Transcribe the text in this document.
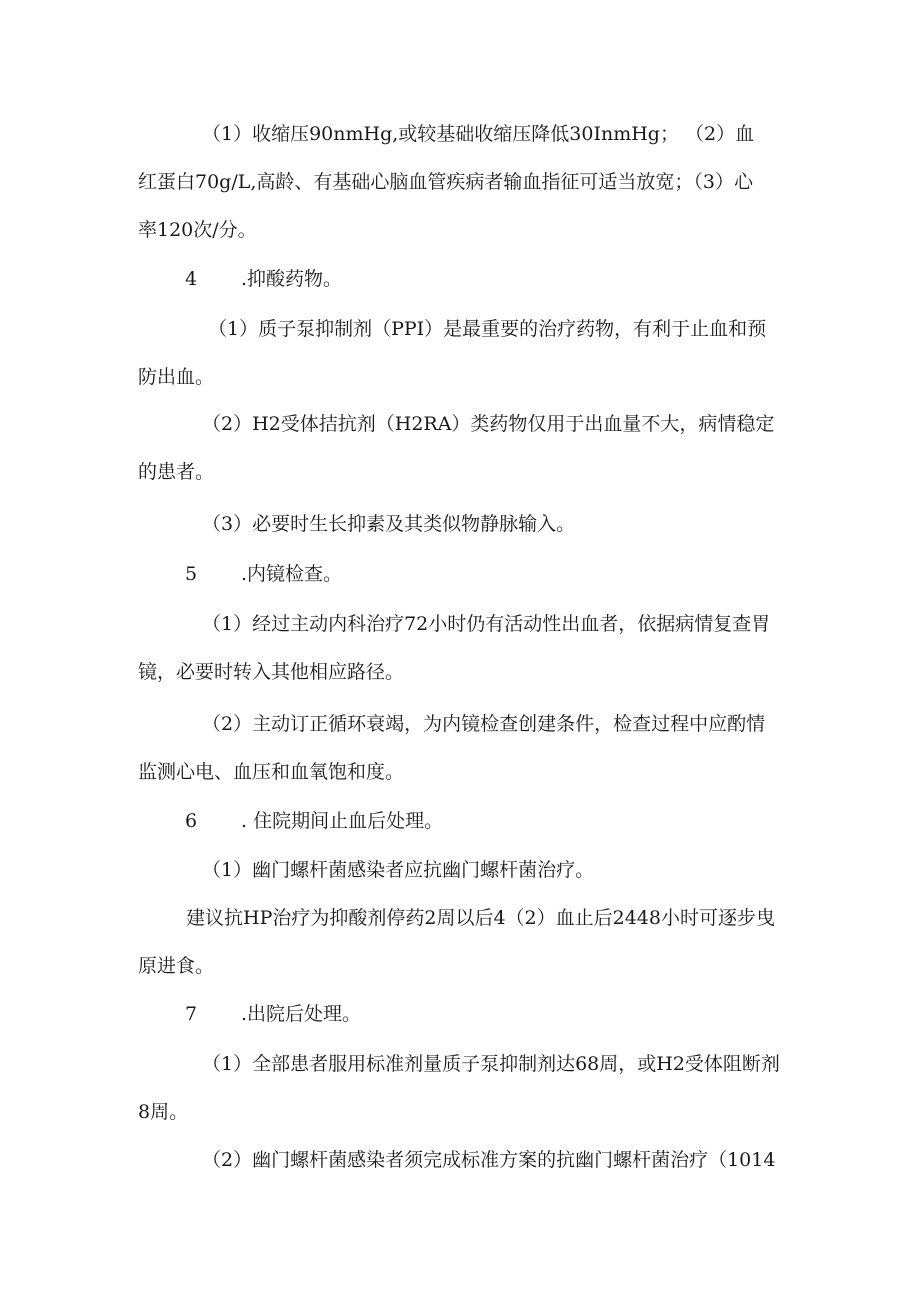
（1）收缩压90nmHg,或较基础收缩压降低30InmHg； （2）血
红蛋白70g/L,高龄、有基础心脑血管疾病者输血指征可适当放宽；（3）心
率120次/分。
4 .抑酸药物。
（1）质子泵抑制剂（PPI）是最重要的治疗药物，有利于止血和预
防出血。
（2）H2受体拮抗剂（H2RA）类药物仅用于出血量不大，病情稳定
的患者。
（3）必要时生长抑素及其类似物静脉输入。
5 .内镜检查。
（1）经过主动内科治疗72小时仍有活动性出血者，依据病情复查胃
镜，必要时转入其他相应路径。
（2）主动订正循环衰竭，为内镜检查创建条件，检查过程中应酌情
监测心电、血压和血氧饱和度。
6 . 住院期间止血后处理。
（1）幽门螺杆菌感染者应抗幽门螺杆菌治疗。
建议抗HP治疗为抑酸剂停药2周以后4（2）血止后2448小时可逐步曳
原进食。
7 .出院后处理。
（1）全部患者服用标准剂量质子泵抑制剂达68周，或H2受体阻断剂
8周。
（2）幽门螺杆菌感染者须完成标准方案的抗幽门螺杆菌治疗（1014
